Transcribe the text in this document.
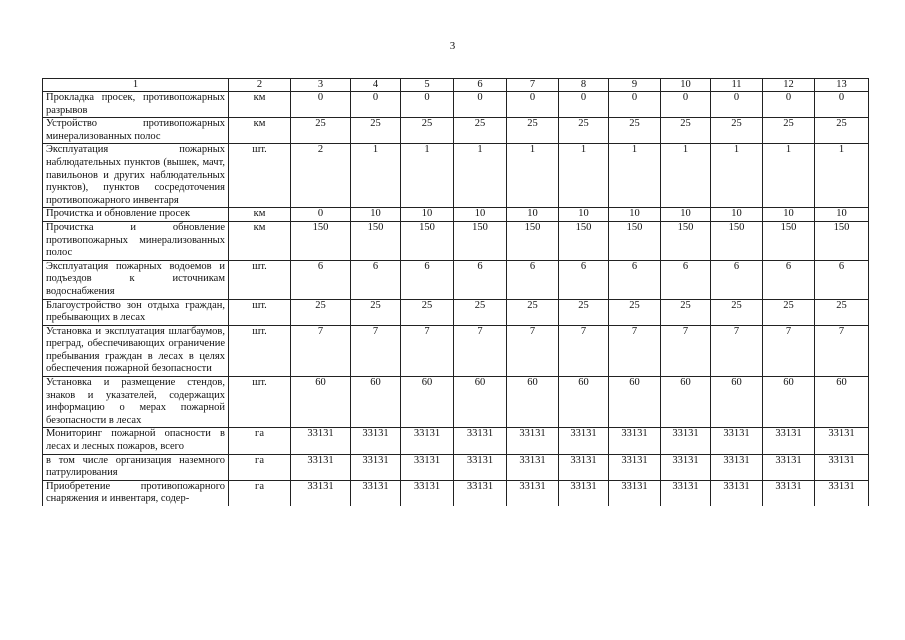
3
1	2	3	4	5	6	7	8	9	10	11	12	13
Прокладка просек, противопожарных разрывов	км	0	0	0	0	0	0	0	0	0	0	0
Устройство противопожарных минерализованных полос	км	25	25	25	25	25	25	25	25	25	25	25
Эксплуатация пожарных наблюдательных пунктов (вышек, мачт, павильонов и других наблюдательных пунктов), пунктов сосредоточения противопожарного инвентаря	шт.	2	1	1	1	1	1	1	1	1	1	1
Прочистка и обновление просек	км	0	10	10	10	10	10	10	10	10	10	10
Прочистка и обновление противопожарных минерализованных полос	км	150	150	150	150	150	150	150	150	150	150	150
Эксплуатация пожарных водоемов и подъездов к источникам водоснабжения	шт.	6	6	6	6	6	6	6	6	6	6	6
Благоустройство зон отдыха граждан, пребывающих в лесах	шт.	25	25	25	25	25	25	25	25	25	25	25
Установка и эксплуатация шлагбаумов, преград, обеспечивающих ограничение пребывания граждан в лесах в целях обеспечения пожарной безопасности	шт.	7	7	7	7	7	7	7	7	7	7	7
Установка и размещение стендов, знаков и указателей, содержащих информацию о мерах пожарной безопасности в лесах	шт.	60	60	60	60	60	60	60	60	60	60	60
Мониторинг пожарной опасности в лесах и лесных пожаров, всего	га	33131	33131	33131	33131	33131	33131	33131	33131	33131	33131	33131
в том числе организация наземного патрулирования	га	33131	33131	33131	33131	33131	33131	33131	33131	33131	33131	33131
Приобретение противопожарного снаряжения и инвентаря, содер-	га	33131	33131	33131	33131	33131	33131	33131	33131	33131	33131	33131
